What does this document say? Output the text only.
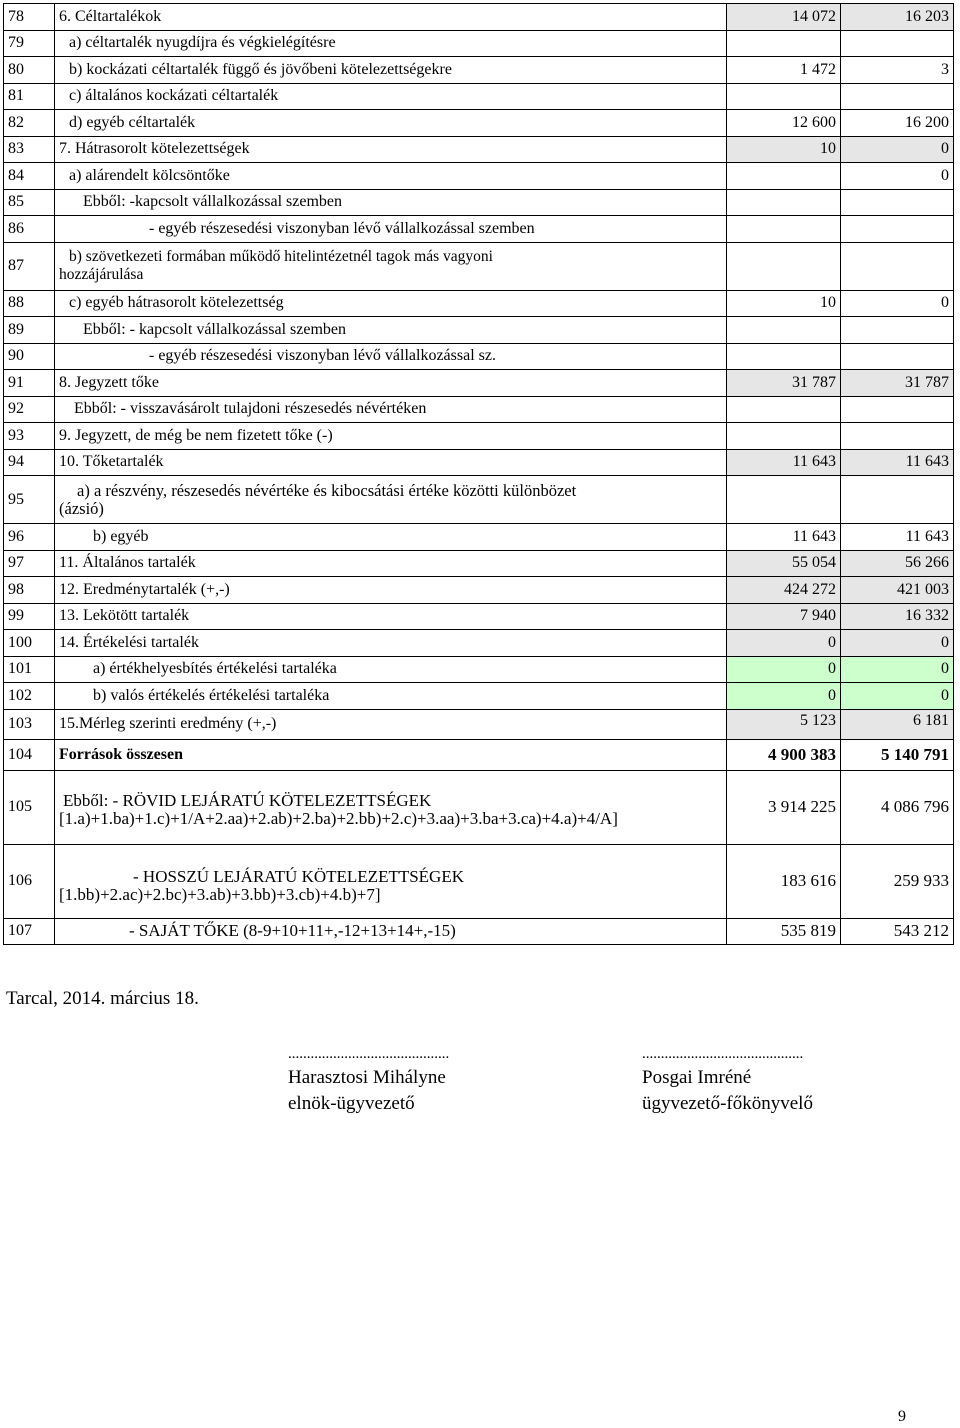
78	6. Céltartalékok	14 072	16 203
79	a) céltartalék nyugdíjra és végkielégítésre		

80	b) kockázati céltartalék függő és jövőbeni kötelezettségekre	1 472	3
81	c) általános kockázati céltartalék		

82	d) egyéb céltartalék	12 600	16 200
83	7. Hátrasorolt kötelezettségek	10	0
84	a) alárendelt kölcsöntőke		0
85	Ebből: -kapcsolt vállalkozással szemben		

86	- egyéb részesedési viszonyban lévő vállalkozással szemben		

87	b) szövetkezeti formában működő hitelintézetnél tagok más vagyoni
hozzájárulása		

88	c) egyéb hátrasorolt kötelezettség	10	0
89	Ebből: - kapcsolt vállalkozással szemben		

90	- egyéb részesedési viszonyban lévő vállalkozással sz.		

91	8. Jegyzett tőke	31 787	31 787
92	Ebből: - visszavásárolt tulajdoni részesedés névértéken		

93	9. Jegyzett, de még be nem fizetett tőke (-)		

94	10. Tőketartalék	11 643	11 643
95	a) a részvény, részesedés névértéke és kibocsátási értéke közötti különbözet
(ázsió)		

96	b) egyéb	11 643	11 643
97	11. Általános tartalék	55 054	56 266
98	12. Eredménytartalék (+,-)	424 272	421 003
99	13. Lekötött tartalék	7 940	16 332
100	14. Értékelési tartalék	0	0
101	a) értékhelyesbítés értékelési tartaléka	0	0
102	b) valós értékelés értékelési tartaléka	0	0
103	15.Mérleg szerinti eredmény (+,-)	5 123	6 181
104	Források összesen	4 900 383	5 140 791
105	Ebből: - RÖVID LEJÁRATÚ KÖTELEZETTSÉGEK
[1.a)+1.ba)+1.c)+1/A+2.aa)+2.ab)+2.ba)+2.bb)+2.c)+3.aa)+3.ba+3.ca)+4.a)+4/A]	3 914 225	4 086 796
106	- HOSSZÚ LEJÁRATÚ KÖTELEZETTSÉGEK
[1.bb)+2.ac)+2.bc)+3.ab)+3.bb)+3.cb)+4.b)+7]	183 616	259 933
107	- SAJÁT TŐKE (8-9+10+11+,-12+13+14+,-15)	535 819	543 212
Tarcal, 2014. március 18.
...........................................
Harasztosi Mihályne
elnök-ügyvezető
...........................................
Posgai Imréné
ügyvezető-főkönyvelő
9
